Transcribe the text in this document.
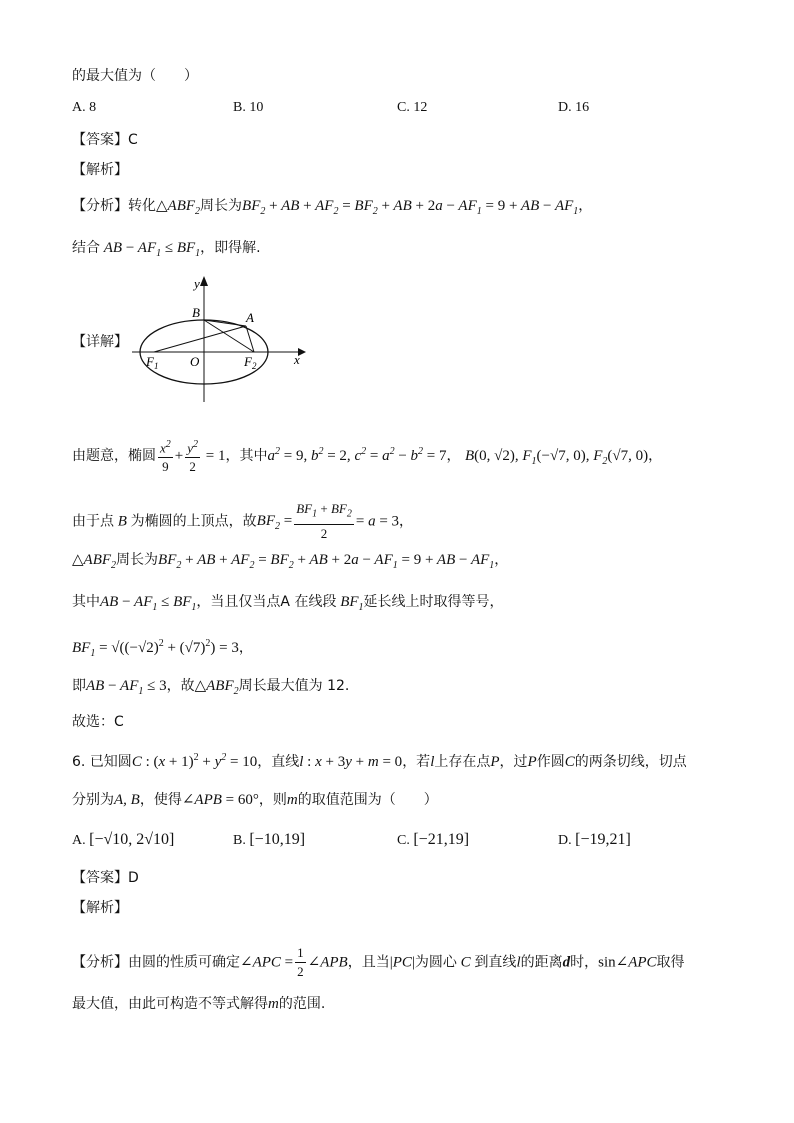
的最大值为（　　）
A. 8	B. 10	C. 12	D. 16
【答案】C
【解析】
【分析】转化$\triangle ABF_2$周长为$BF_2$ + AB + $AF_2 = BF_2$ + AB + $2a - AF_1 = 9$ + AB − $AF_1$，
结合 AB − $AF_1 \le BF_1$，即得解.
【详解】
y
x
B	A
O
$F_1$	$F_2$
由题意，椭圆 $\frac{x^2}{9} + \frac{y^2}{2} = 1$，其中$a^2 = 9$, $b^2 = 2$, $c^2 = a^2 - b^2 = 7$， B(0, √2), $F_1(-√7$, 0), $F_2(√7$, 0)，
由于点 B 为椭圆的上顶点，故$BF_2 = \frac{BF_1 + BF_2}{2} = a = 3$，
$\triangle ABF_2$周长为$BF_2$ + AB + $AF_2 = BF_2$ + AB + $2a - AF_1 = 9$ + AB − $AF_1$，
其中AB − $AF_1 \le BF_1$，当且仅当点A 在线段 $BF_1$延长线上时取得等号，
$BF_1 = √((-√2)^2 + (√7)^2) = 3$，
即AB − $AF_1 \le 3$，故$\triangle ABF_2$周长最大值为 12.
故选：C
6. 已知圆C : $(x + 1)^2 + y^2 = 10$，直线l : x + 3y + m = 0，若l上存在点P，过P作圆C的两条切线，切点
分别为A, B，使得∠APB = 60°，则m的取值范围为（　　）
A. [−√10, 2√10]	B. [−10,19]	C. [−21,19]	D. [−19,21]
【答案】D
【解析】
【分析】由圆的性质可确定∠APC = $\frac{1}{2}$ ∠APB，且当|PC|为圆心 C 到直线l的距离d时，sin∠APC取得
最大值，由此可构造不等式解得m的范围.
